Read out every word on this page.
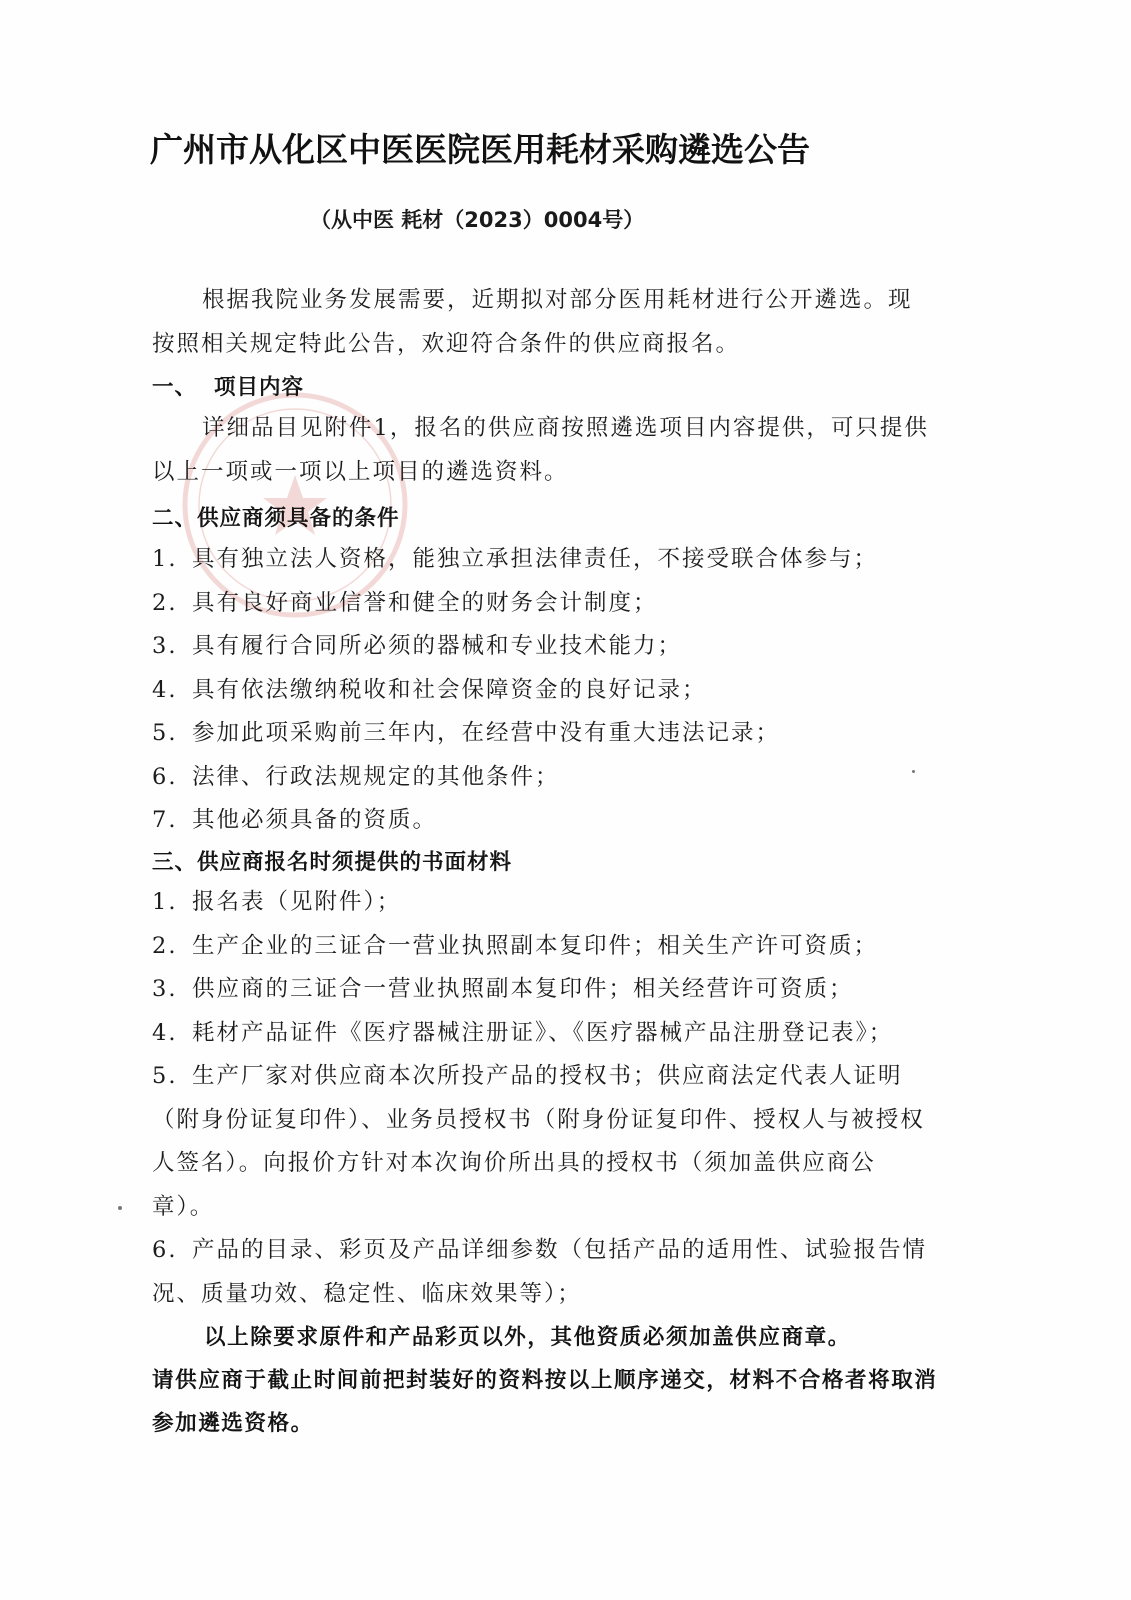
广州市从化区中医医院医用耗材采购遴选公告
（从中医 耗材（2023）0004号）

根据我院业务发展需要，近期拟对部分医用耗材进行公开遴选。现按照相关规定特此公告，欢迎符合条件的供应商报名。

一、 项目内容

详细品目见附件1，报名的供应商按照遴选项目内容提供，可只提供以上一项或一项以上项目的遴选资料。

二、供应商须具备的条件
1. 具有独立法人资格，能独立承担法律责任，不接受联合体参与；
2. 具有良好商业信誉和健全的财务会计制度；
3. 具有履行合同所必须的器械和专业技术能力；
4. 具有依法缴纳税收和社会保障资金的良好记录；
5. 参加此项采购前三年内，在经营中没有重大违法记录；
6. 法律、行政法规规定的其他条件；
7. 其他必须具备的资质。
三、供应商报名时须提供的书面材料
1. 报名表（见附件）；
2. 生产企业的三证合一营业执照副本复印件；相关生产许可资质；
3. 供应商的三证合一营业执照副本复印件；相关经营许可资质；
4. 耗材产品证件《医疗器械注册证》、《医疗器械产品注册登记表》；
5. 生产厂家对供应商本次所投产品的授权书；供应商法定代表人证明（附身份证复印件）、业务员授权书（附身份证复印件、授权人与被授权人签名）。向报价方针对本次询价所出具的授权书（须加盖供应商公章）。
6. 产品的目录、彩页及产品详细参数（包括产品的适用性、试验报告情况、质量功效、稳定性、临床效果等）；
以上除要求原件和产品彩页以外，其他资质必须加盖供应商章。
请供应商于截止时间前把封装好的资料按以上顺序递交，材料不合格者将取消参加遴选资格。
